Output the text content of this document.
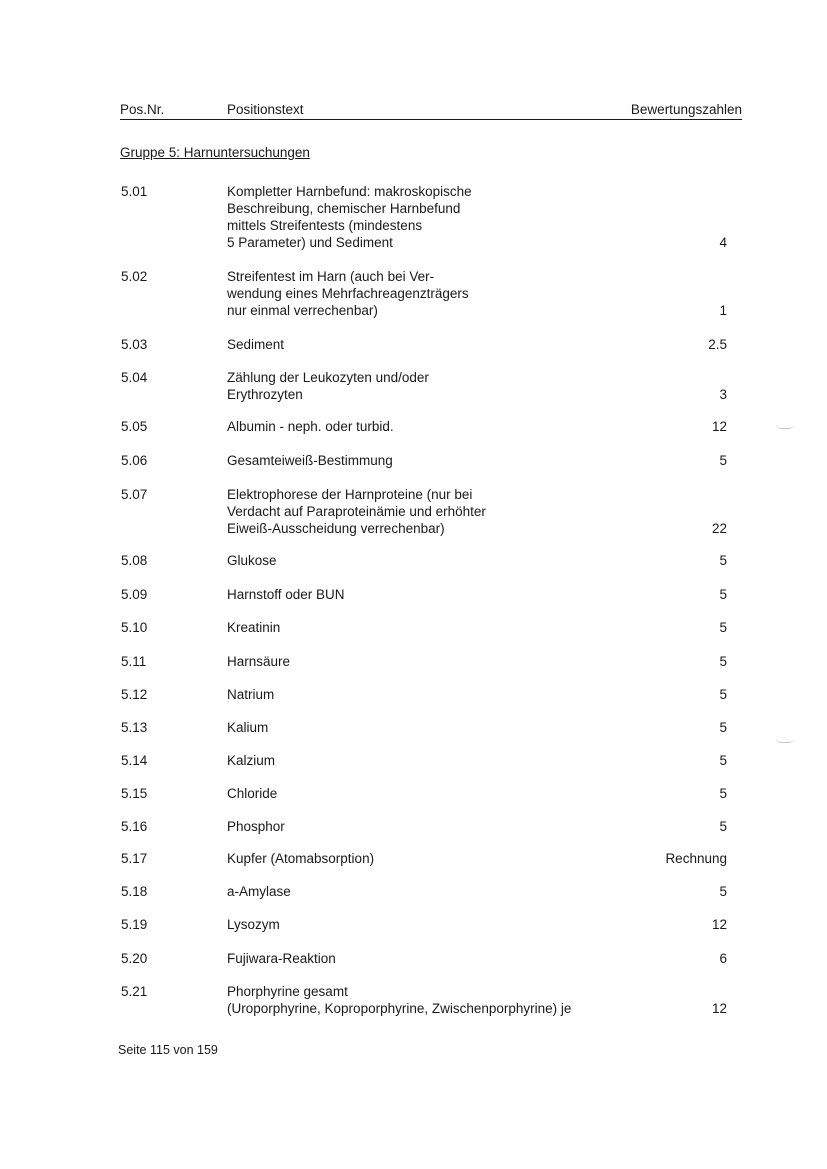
Pos.Nr.	Positionstext	Bewertungszahlen
Gruppe 5: Harnuntersuchungen
5.01	Kompletter Harnbefund: makroskopische
Beschreibung, chemischer Harnbefund
mittels Streifentests (mindestens
5 Parameter) und Sediment	4
5.02	Streifentest im Harn (auch bei Ver-
wendung eines Mehrfachreagenzträgers
nur einmal verrechenbar)	1
5.03	Sediment	2.5
5.04	Zählung der Leukozyten und/oder
Erythrozyten	3
5.05	Albumin - neph. oder turbid.	12
5.06	Gesamteiweiß-Bestimmung	5
5.07	Elektrophorese der Harnproteine (nur bei
Verdacht auf Paraproteinämie und erhöhter
Eiweiß-Ausscheidung verrechenbar)	22
5.08	Glukose	5
5.09	Harnstoff oder BUN	5
5.10	Kreatinin	5
5.11	Harnsäure	5
5.12	Natrium	5
5.13	Kalium	5
5.14	Kalzium	5
5.15	Chloride	5
5.16	Phosphor	5
5.17	Kupfer (Atomabsorption)	Rechnung
5.18	a-Amylase	5
5.19	Lysozym	12
5.20	Fujiwara-Reaktion	6
5.21	Phorphyrine gesamt
(Uroporphyrine, Koproporphyrine, Zwischenporphyrine) je	12
Seite 115 von 159
